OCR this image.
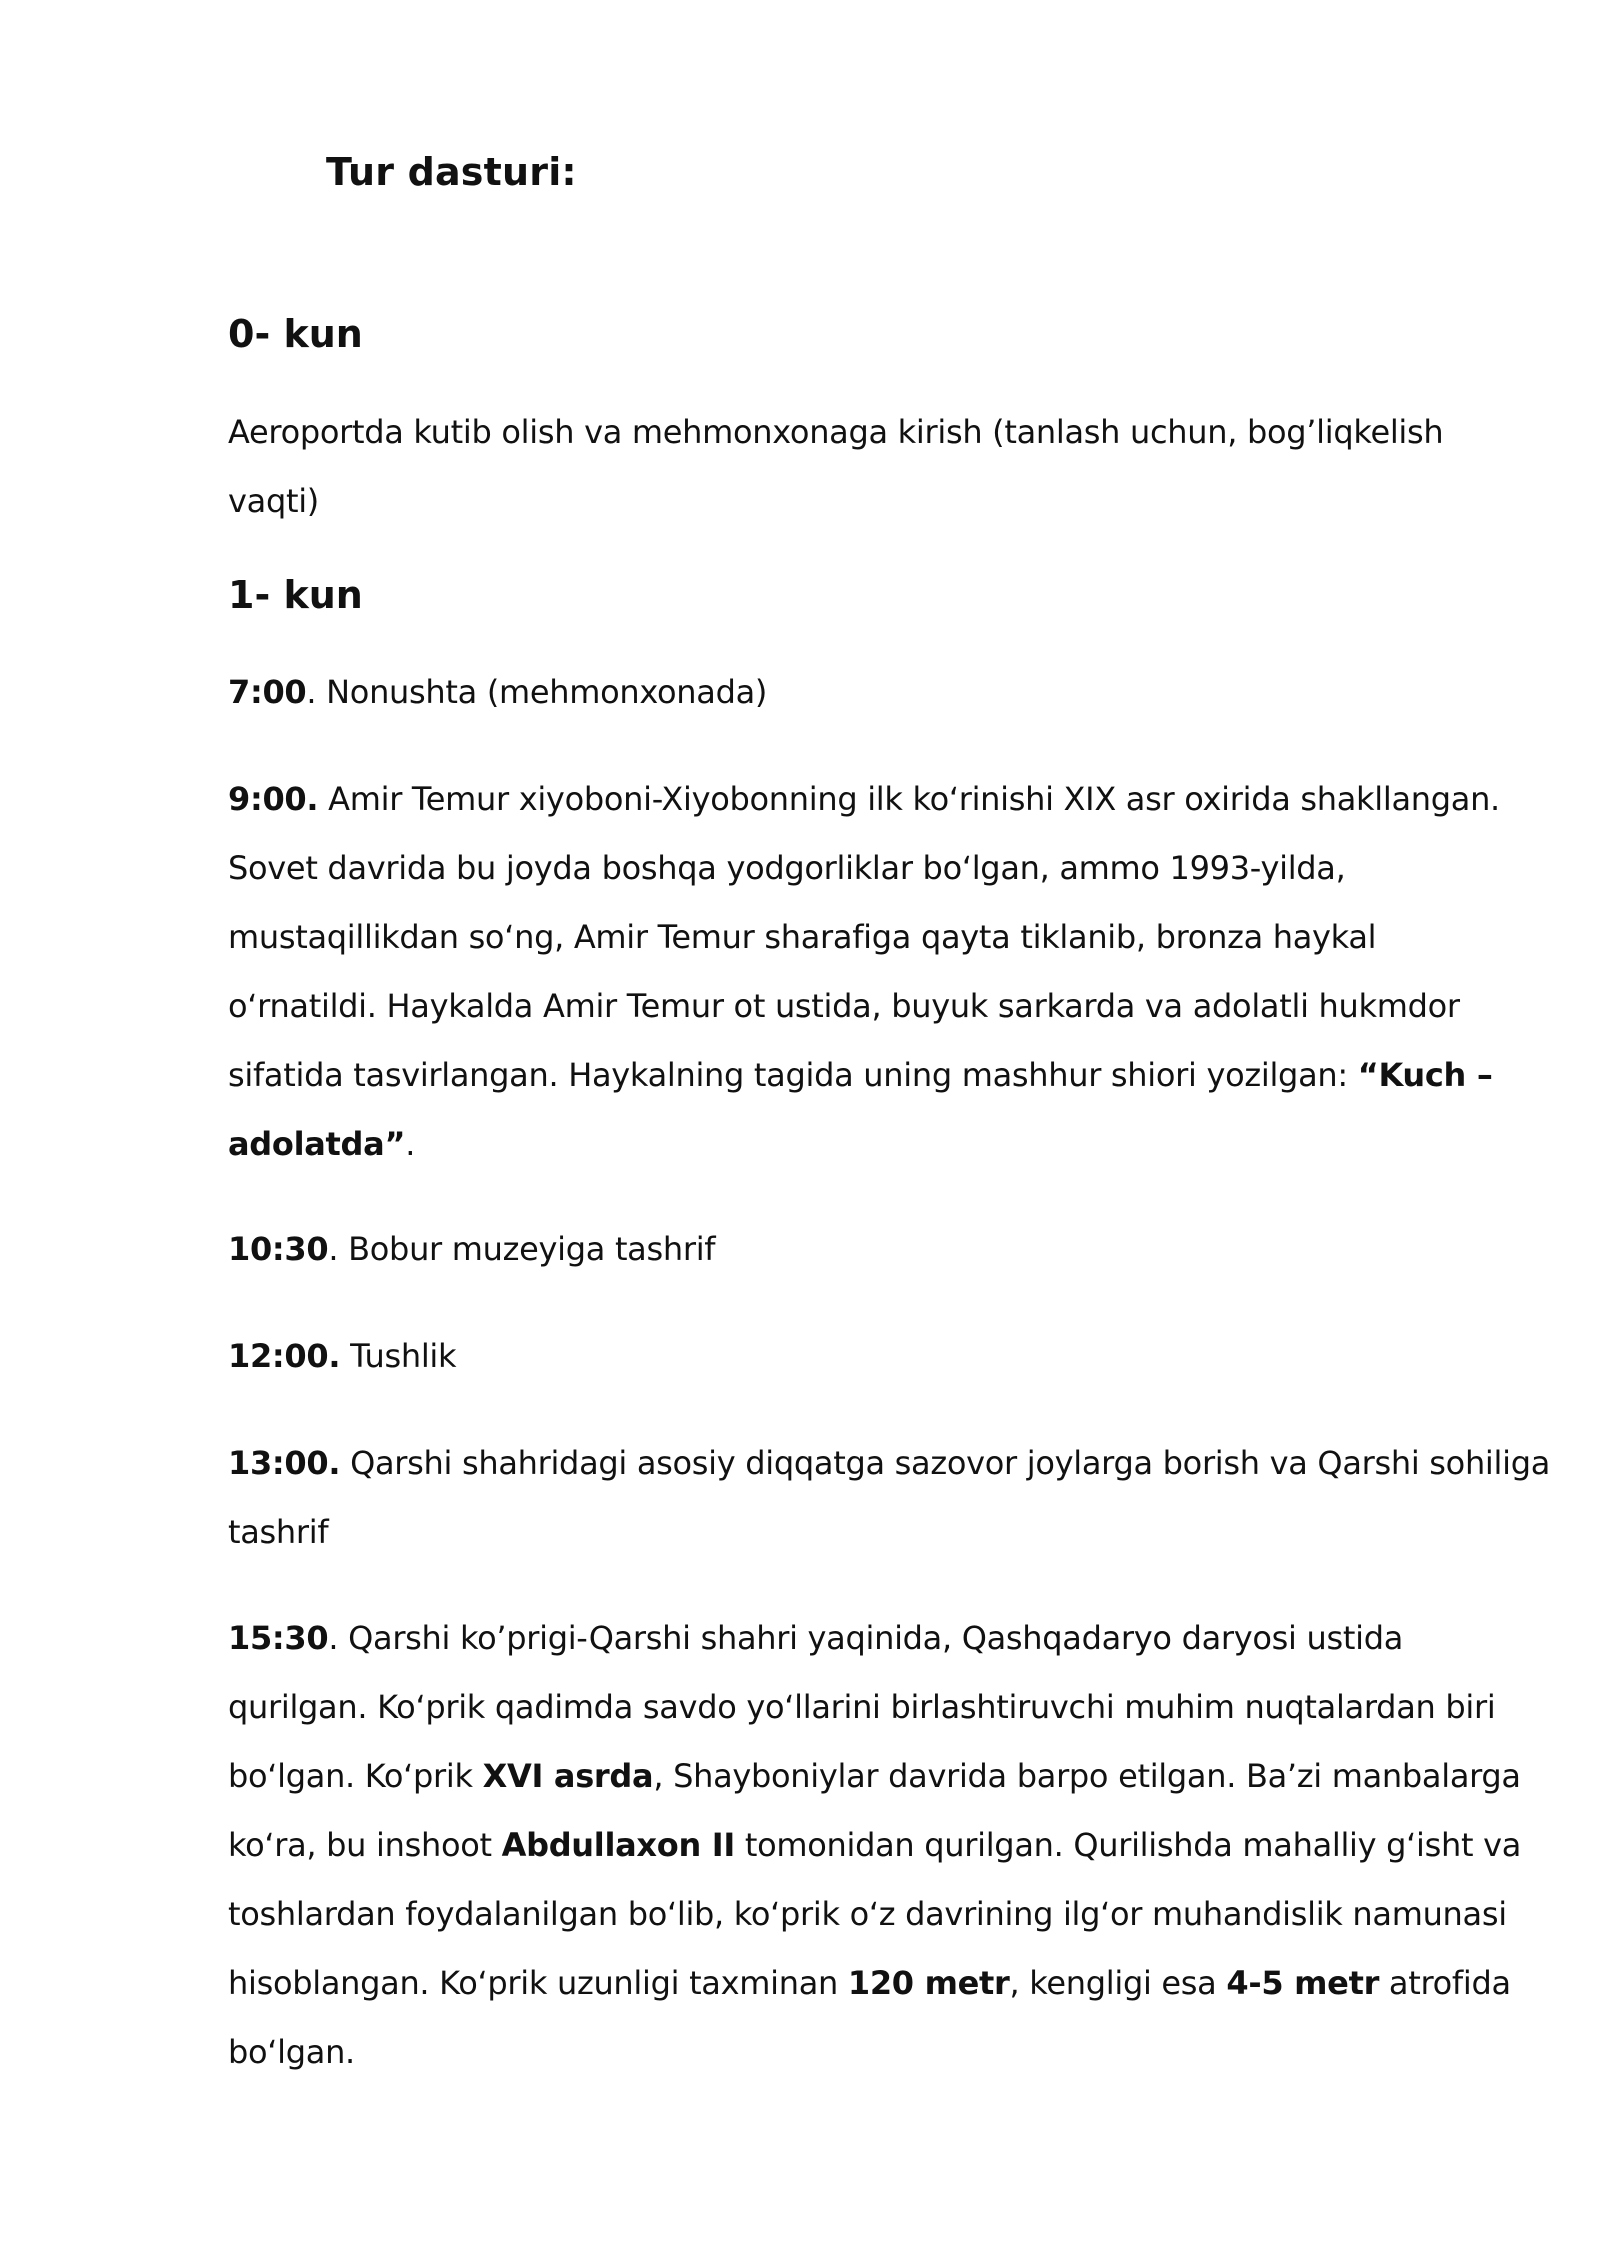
Tur dasturi:
0- kun

Aeroportda kutib olish va mehmonxonaga kirish (tanlash uchun, bog’liqkelish
vaqti)

1- kun

7:00. Nonushta (mehmonxonada)

9:00. Amir Temur xiyoboni-Xiyobonning ilk koʻrinishi XIX asr oxirida shakllangan.
Sovet davrida bu joyda boshqa yodgorliklar boʻlgan, ammo 1993-yilda,
mustaqillikdan soʻng, Amir Temur sharafiga qayta tiklanib, bronza haykal
oʻrnatildi. Haykalda Amir Temur ot ustida, buyuk sarkarda va adolatli hukmdor
sifatida tasvirlangan. Haykalning tagida uning mashhur shiori yozilgan: “Kuch –
adolatda”.

10:30. Bobur muzeyiga tashrif

12:00. Tushlik

13:00. Qarshi shahridagi asosiy diqqatga sazovor joylarga borish va Qarshi sohiliga
tashrif

15:30. Qarshi ko’prigi-Qarshi shahri yaqinida, Qashqadaryo daryosi ustida
qurilgan. Koʻprik qadimda savdo yoʻllarini birlashtiruvchi muhim nuqtalardan biri
boʻlgan. Koʻprik XVI asrda, Shayboniylar davrida barpo etilgan. Ba’zi manbalarga
koʻra, bu inshoot Abdullaxon II tomonidan qurilgan. Qurilishda mahalliy gʻisht va
toshlardan foydalanilgan boʻlib, koʻprik oʻz davrining ilgʻor muhandislik namunasi
hisoblangan. Koʻprik uzunligi taxminan 120 metr, kengligi esa 4-5 metr atrofida
boʻlgan.
